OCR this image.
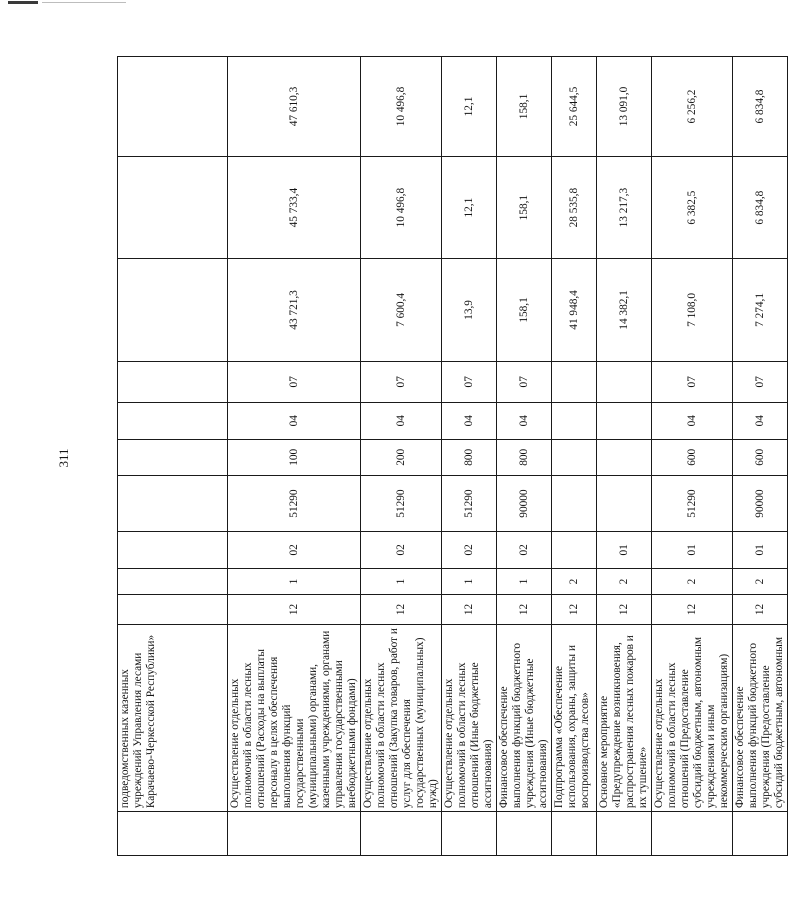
311
	подведомственных казенных учреждений Управления лесами Карачаево-Черкесской Республики»										
	Осуществление отдельных полномочий в области лесных отношений (Расходы на выплаты персоналу в целях обеспечения выполнения функций государственными (муниципальными) органами, казенными учреждениями, органами управления государственными внебюджетными фондами)	12	1	02	51290	100	04	07	43 721,3	45 733,4	47 610,3
	Осуществление отдельных полномочий в области лесных отношений (Закупка товаров, работ и услуг для обеспечения государственных (муниципальных) нужд)	12	1	02	51290	200	04	07	7 600,4	10 496,8	10 496,8
	Осуществление отдельных полномочий в области лесных отношений (Иные бюджетные ассигнования)	12	1	02	51290	800	04	07	13,9	12,1	12,1
	Финансовое обеспечение выполнения функций бюджетного учреждения (Иные бюджетные ассигнования)	12	1	02	90000	800	04	07	158,1	158,1	158,1
	Подпрограмма «Обеспечение использования, охраны, защиты и воспроизводства лесов»	12	2						41 948,4	28 535,8	25 644,5
	Основное мероприятие «Предупреждение возникновения, распространения лесных пожаров и их тушение»	12	2	01					14 382,1	13 217,3	13 091,0
	Осуществление отдельных полномочий в области лесных отношений (Предоставление субсидий бюджетным, автономным учреждениям и иным некоммерческим организациям)	12	2	01	51290	600	04	07	7 108,0	6 382,5	6 256,2
	Финансовое обеспечение выполнения функций бюджетного учреждения (Предоставление субсидий бюджетным, автономным	12	2	01	90000	600	04	07	7 274,1	6 834,8	6 834,8
